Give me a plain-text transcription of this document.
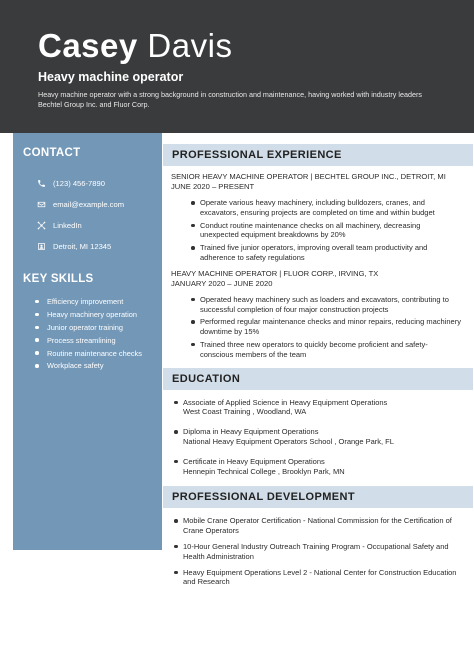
Casey Davis
Heavy machine operator
Heavy machine operator with a strong background in construction and maintenance, having worked with industry leaders Bechtel Group Inc. and Fluor Corp.
CONTACT
(123) 456-7890
email@example.com
LinkedIn
Detroit, MI 12345
KEY SKILLS
Efficiency improvement
Heavy machinery operation
Junior operator training
Process streamlining
Routine maintenance checks
Workplace safety
PROFESSIONAL EXPERIENCE
SENIOR HEAVY MACHINE OPERATOR | BECHTEL GROUP INC., DETROIT, MI
JUNE 2020 – PRESENT
Operate various heavy machinery, including bulldozers, cranes, and excavators, ensuring projects are completed on time and within budget
Conduct routine maintenance checks on all machinery, decreasing unexpected equipment breakdowns by 20%
Trained five junior operators, improving overall team productivity and adherence to safety regulations
HEAVY MACHINE OPERATOR | FLUOR CORP., IRVING, TX
JANUARY 2020 – JUNE 2020
Operated heavy machinery such as loaders and excavators, contributing to successful completion of four major construction projects
Performed regular maintenance checks and minor repairs, reducing machinery downtime by 15%
Trained three new operators to quickly become proficient and safety-conscious members of the team
EDUCATION
Associate of Applied Science in Heavy Equipment Operations
West Coast Training , Woodland, WA
Diploma in Heavy Equipment Operations
National Heavy Equipment Operators School , Orange Park, FL
Certificate in Heavy Equipment Operations
Hennepin Technical College , Brooklyn Park, MN
PROFESSIONAL DEVELOPMENT
Mobile Crane Operator Certification - National Commission for the Certification of Crane Operators
10-Hour General Industry Outreach Training Program - Occupational Safety and Health Administration
Heavy Equipment Operations Level 2 - National Center for Construction Education and Research
